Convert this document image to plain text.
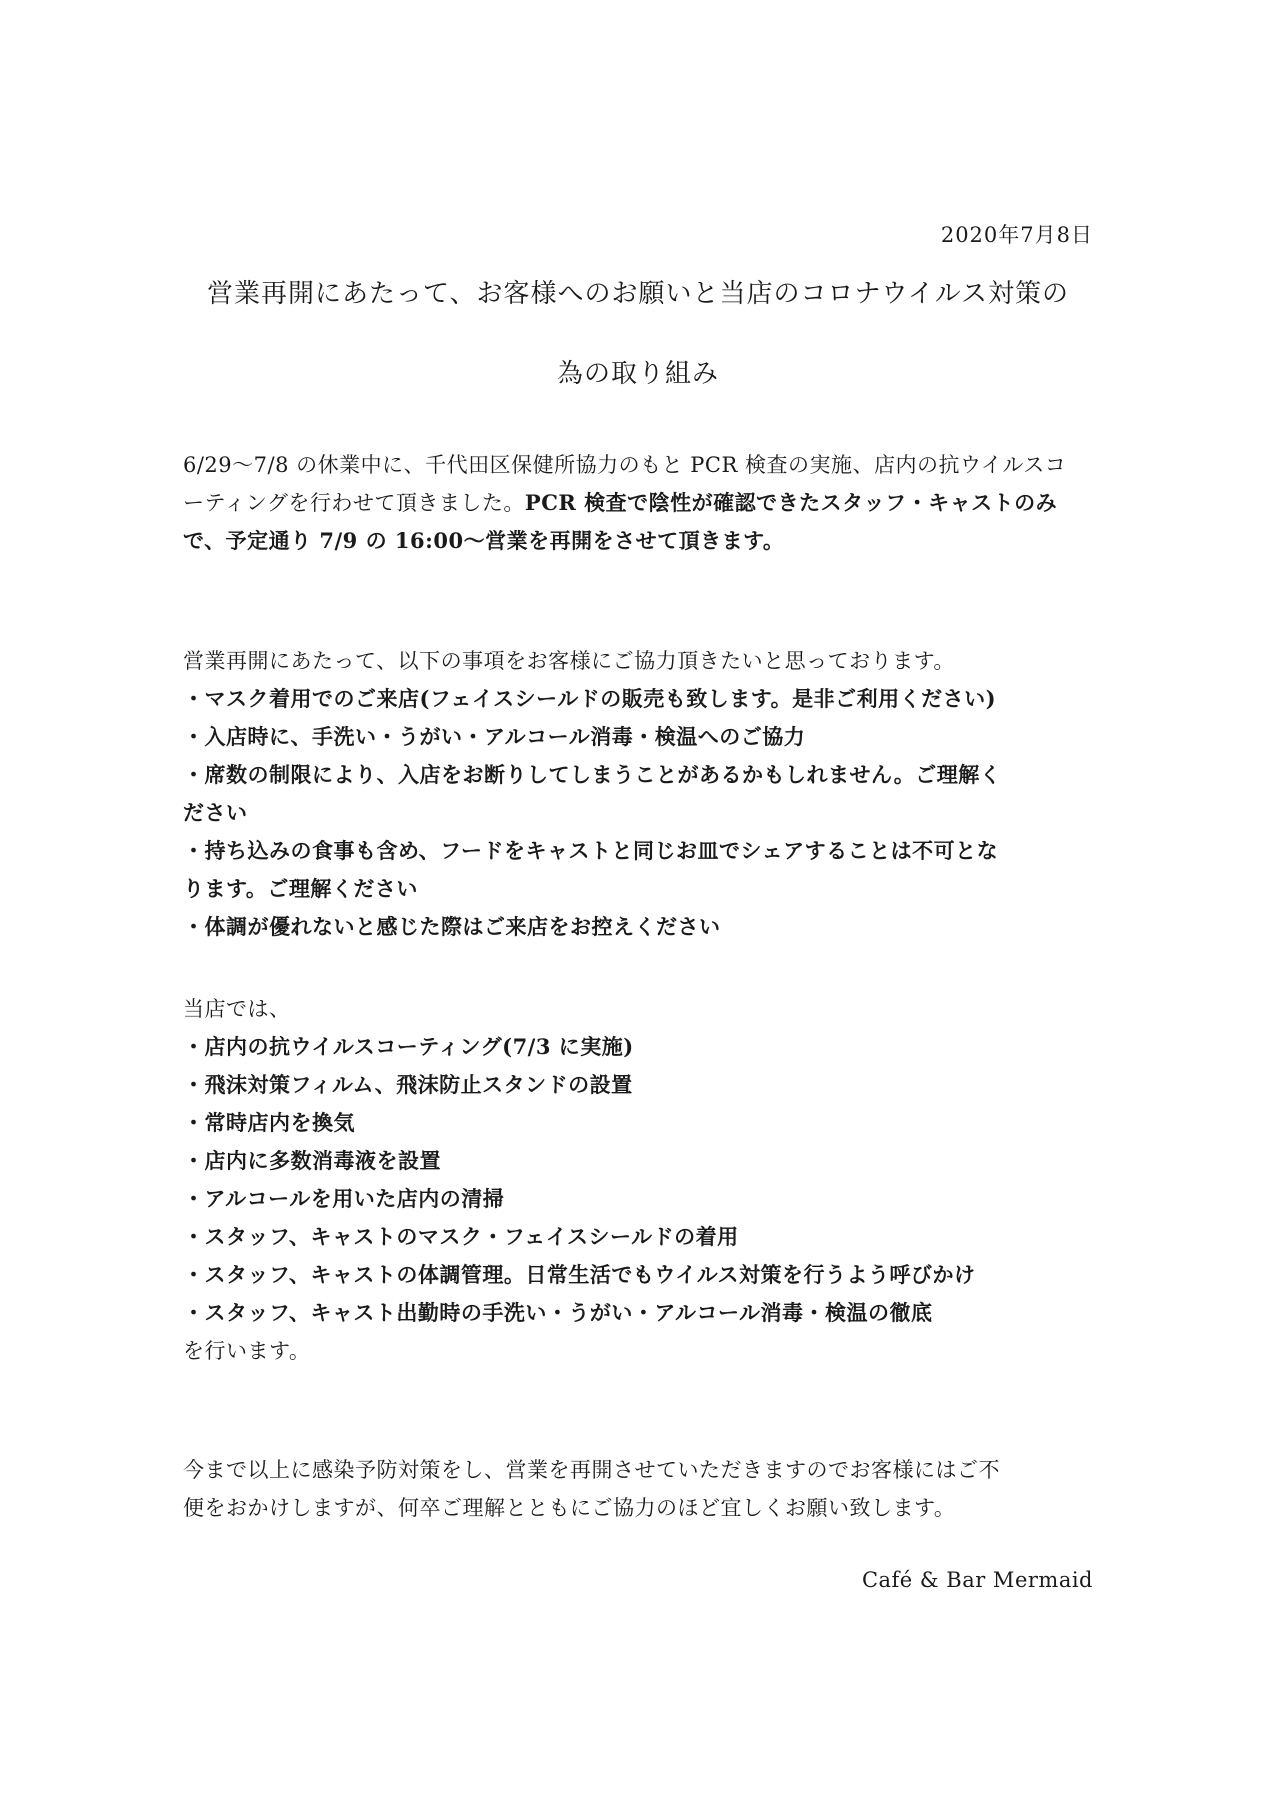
2020年7月8日
営業再開にあたって、お客様へのお願いと当店のコロナウイルス対策の
為の取り組み
6/29〜7/8 の休業中に、千代田区保健所協力のもと PCR 検査の実施、店内の抗ウイルスコ
ーティングを行わせて頂きました。PCR 検査で陰性が確認できたスタッフ・キャストのみ
で、予定通り 7/9 の 16:00〜営業を再開をさせて頂きます。
営業再開にあたって、以下の事項をお客様にご協力頂きたいと思っております。
・マスク着用でのご来店(フェイスシールドの販売も致します。是非ご利用ください)
・入店時に、手洗い・うがい・アルコール消毒・検温へのご協力
・席数の制限により、入店をお断りしてしまうことがあるかもしれません。ご理解く
ださい
・持ち込みの食事も含め、フードをキャストと同じお皿でシェアすることは不可とな
ります。ご理解ください
・体調が優れないと感じた際はご来店をお控えください
当店では、
・店内の抗ウイルスコーティング(7/3 に実施)
・飛沫対策フィルム、飛沫防止スタンドの設置
・常時店内を換気
・店内に多数消毒液を設置
・アルコールを用いた店内の清掃
・スタッフ、キャストのマスク・フェイスシールドの着用
・スタッフ、キャストの体調管理。日常生活でもウイルス対策を行うよう呼びかけ
・スタッフ、キャスト出勤時の手洗い・うがい・アルコール消毒・検温の徹底
を行います。
今まで以上に感染予防対策をし、営業を再開させていただきますのでお客様にはご不
便をおかけしますが、何卒ご理解とともにご協力のほど宜しくお願い致します。
Café & Bar Mermaid
